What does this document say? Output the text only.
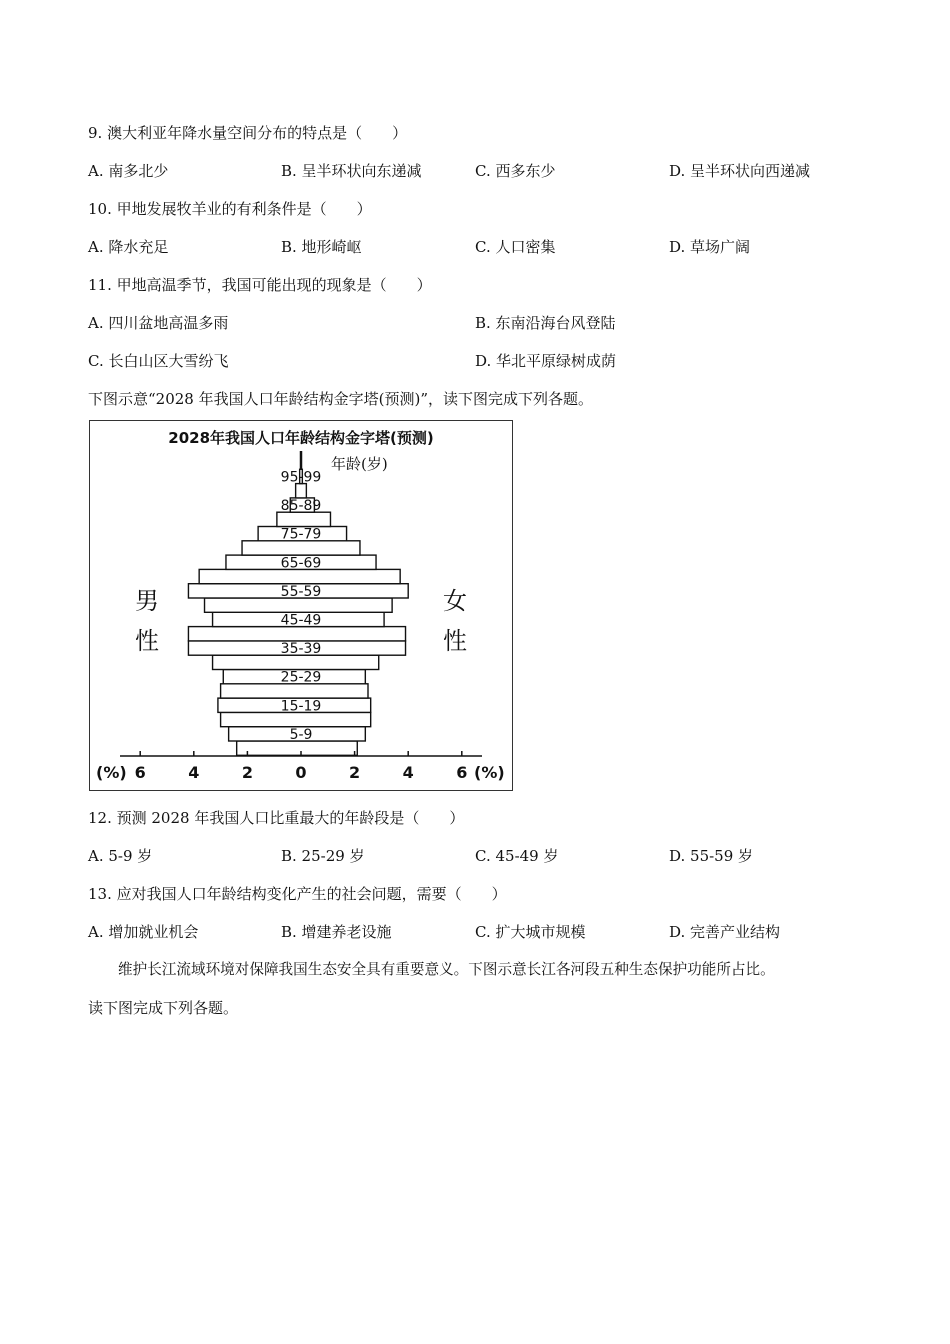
9. 澳大利亚年降水量空间分布的特点是（　　）
A. 南多北少	B. 呈半环状向东递减	C. 西多东少	D. 呈半环状向西递减
10. 甲地发展牧羊业的有利条件是（　　）
A. 降水充足	B. 地形崎岖	C. 人口密集	D. 草场广阔
11. 甲地高温季节，我国可能出现的现象是（　　）
A. 四川盆地高温多雨	B. 东南沿海台风登陆
C. 长白山区大雪纷飞	D. 华北平原绿树成荫
下图示意“2028 年我国人口年龄结构金字塔(预测)”，读下图完成下列各题。
2028年我国人口年龄结构金字塔(预测)
5-9
15-19
25-29
35-39
45-49
55-59
65-69
75-79
85-89
95-99
年龄(岁)
男
性
女
性
6	4	2	0	2	4	6
(%)	(%)
12. 预测 2028 年我国人口比重最大的年龄段是（　　）
A. 5-9 岁	B. 25-29 岁	C. 45-49 岁	D. 55-59 岁
13. 应对我国人口年龄结构变化产生的社会问题，需要（　　）
A. 增加就业机会	B. 增建养老设施	C. 扩大城市规模	D. 完善产业结构
维护长江流域环境对保障我国生态安全具有重要意义。下图示意长江各河段五种生态保护功能所占比。
读下图完成下列各题。
